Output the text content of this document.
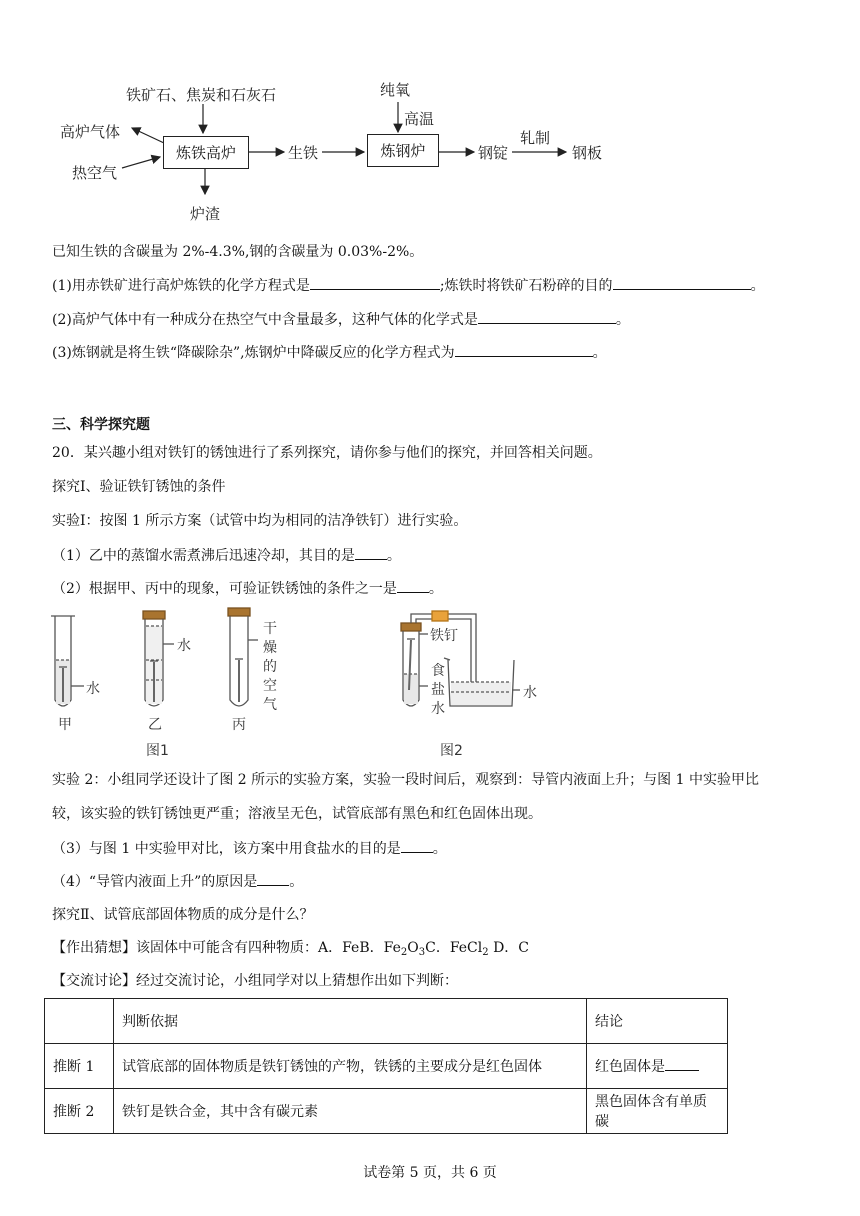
铁矿石、焦炭和石灰石
高炉气体
热空气
炼铁高炉
炉渣
生铁
纯氧
高温
炼钢炉	钢锭
轧制
钢板
已知生铁的含碳量为 2%-4.3%,钢的含碳量为 0.03%-2%。
(1)用赤铁矿进行高炉炼铁的化学方程式是	;炼铁时将铁矿石粉碎的目的	。
(2)高炉气体中有一种成分在热空气中含量最多，这种气体的化学式是	。
(3)炼钢就是将生铁“降碳除杂”,炼钢炉中降碳反应的化学方程式为	。
三、科学探究题
20．某兴趣小组对铁钉的锈蚀进行了系列探究，请你参与他们的探究，并回答相关问题。
探究Ⅰ、验证铁钉锈蚀的条件
实验Ⅰ：按图 1 所示方案（试管中均为相同的洁净铁钉）进行实验。
（1）乙中的蒸馏水需煮沸后迅速冷却，其目的是 。
（2）根据甲、丙中的现象，可验证铁锈蚀的条件之一是 。
水
甲
水
乙
干燥的空气
丙
图1
铁钉
食盐水
水
图2
实验 2：小组同学还设计了图 2 所示的实验方案，实验一段时间后，观察到：导管内液面上升；与图 1 中实验甲比
较，该实验的铁钉锈蚀更严重；溶液呈无色，试管底部有黑色和红色固体出现。
（3）与图 1 中实验甲对比，该方案中用食盐水的目的是 。
（4）“导管内液面上升”的原因是 。
探究Ⅱ、试管底部固体物质的成分是什么？
【作出猜想】该固体中可能含有四种物质：A．FeB．$Fe_2O_3C$．FeCl$_2$ D．C
【交流讨论】经过交流讨论，小组同学对以上猜想作出如下判断：
	判断依据	结论
推断 1	试管底部的固体物质是铁钉锈蚀的产物，铁锈的主要成分是红色固体	红色固体是
推断 2	铁钉是铁合金，其中含有碳元素	黑色固体含有单质碳
试卷第 5 页，共 6 页
